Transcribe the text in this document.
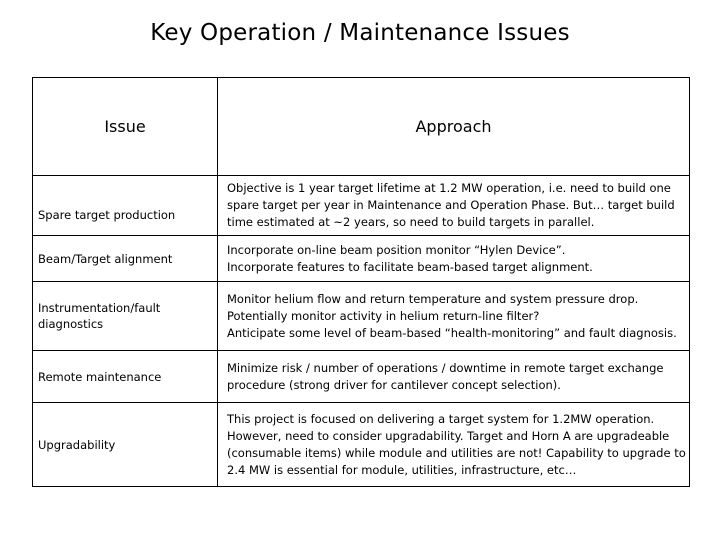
Key Operation / Maintenance Issues
Issue	Approach

Spare target production	Objective is 1 year target lifetime at 1.2 MW operation, i.e. need to build one
spare target per year in Maintenance and Operation Phase. But… target build
time estimated at ~2 years, so need to build targets in parallel.

Beam/Target alignment	Incorporate on-line beam position monitor “Hylen Device”.
Incorporate features to facilitate beam-based target alignment.

Instrumentation/fault diagnostics	Monitor helium flow and return temperature and system pressure drop.
Potentially monitor activity in helium return-line filter?
Anticipate some level of beam-based “health-monitoring” and fault diagnosis.

Remote maintenance	Minimize risk / number of operations / downtime in remote target exchange
procedure (strong driver for cantilever concept selection).

Upgradability	This project is focused on delivering a target system for 1.2MW operation.
However, need to consider upgradability. Target and Horn A are upgradeable
(consumable items) while module and utilities are not! Capability to upgrade to
2.4 MW is essential for module, utilities, infrastructure, etc…
